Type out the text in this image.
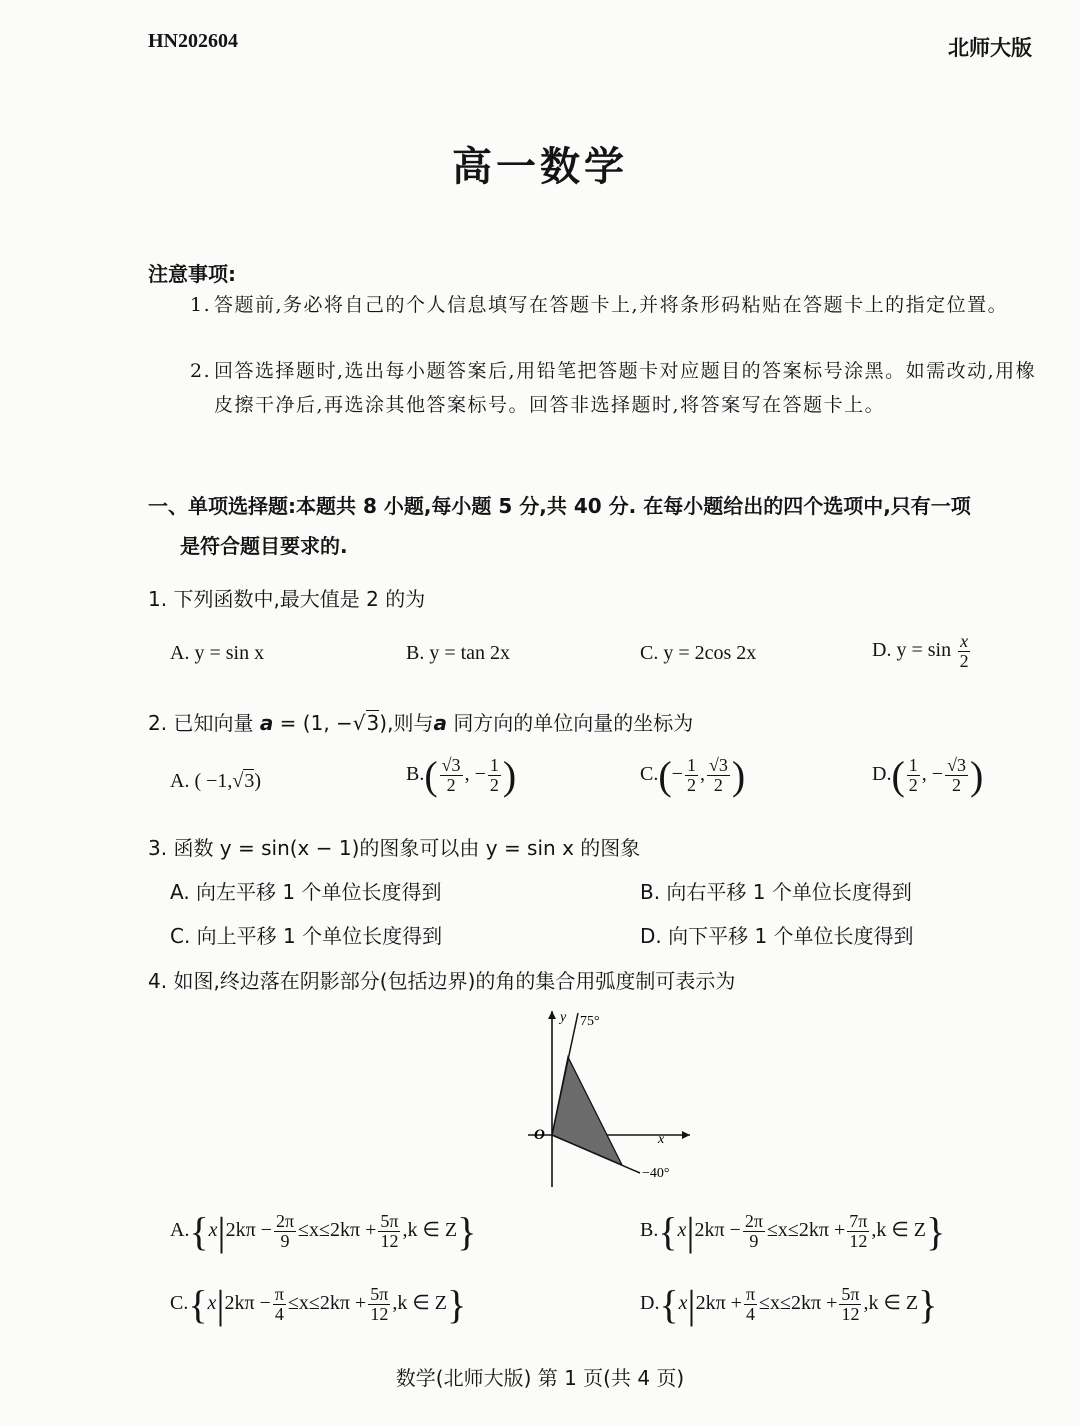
HN202604	北师大版
高一数学
注意事项:
1. 答题前,务必将自己的个人信息填写在答题卡上,并将条形码粘贴在答题卡上的指定位置。
2. 回答选择题时,选出每小题答案后,用铅笔把答题卡对应题目的答案标号涂黑。如需改动,用橡皮擦干净后,再选涂其他答案标号。回答非选择题时,将答案写在答题卡上。
一、单项选择题:本题共 8 小题,每小题 5 分,共 40 分. 在每小题给出的四个选项中,只有一项
是符合题目要求的.
1. 下列函数中,最大值是 2 的为
A. y = sin x	B. y = tan 2x	C. y = 2cos 2x	D. $y = \sin \frac{x}{2}$
2. 已知向量 a = (1, −√3),则与a 同方向的单位向量的坐标为
A. ( −1,√3)	$B.( \frac{√3}{2}$ , − $\frac{1}{2}$ )	$C.(- \frac{1}{2}$ , $\frac{√3}{2}$ )	$D.( \frac{1}{2}$ , − $\frac{√3}{2}$ )
3. 函数 y = sin(x − 1)的图象可以由 y = sin x 的图象
A. 向左平移 1 个单位长度得到	B. 向右平移 1 个单位长度得到
C. 向上平移 1 个单位长度得到	D. 向下平移 1 个单位长度得到
4. 如图,终边落在阴影部分(包括边界)的角的集合用弧度制可表示为
y 75°
O	x
−40°
$A.\{x|2k\pi - \frac{2\pi}{9} \le x\le 2k\pi + \frac{5\pi}{12} ,k$ ∈ Z}	$B.\{x|2k\pi - \frac{2\pi}{9} \le x\le 2k\pi + \frac{7\pi}{12} ,k$ ∈ Z}
$C.\{x|2k\pi - \frac{\pi}{4} \le x\le 2k\pi + \frac{5\pi}{12} ,k$ ∈ Z}	$D.\{x|2k\pi + \frac{\pi}{4} \le x\le 2k\pi + \frac{5\pi}{12} ,k$ ∈ Z}
数学(北师大版) 第 1 页(共 4 页)
